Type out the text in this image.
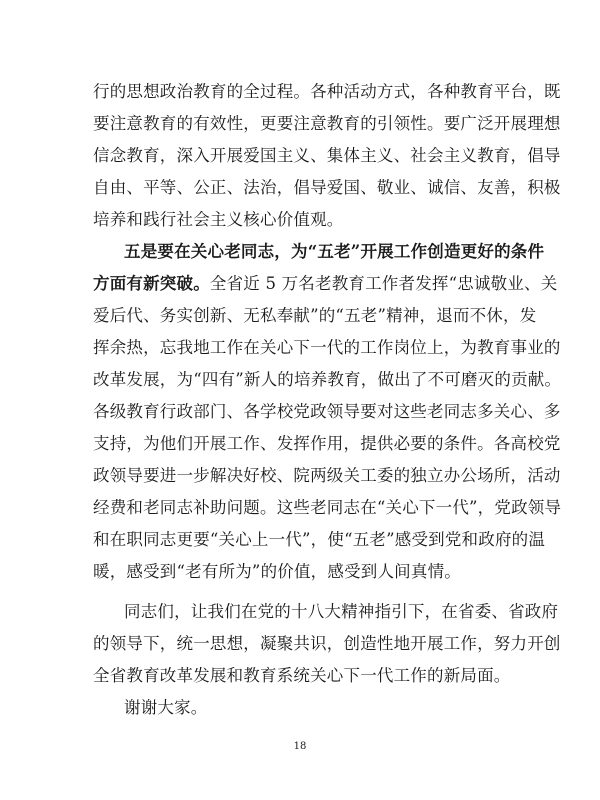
行的思想政治教育的全过程。各种活动方式，各种教育平台，既
要注意教育的有效性，更要注意教育的引领性。要广泛开展理想
信念教育，深入开展爱国主义、集体主义、社会主义教育，倡导
自由、平等、公正、法治，倡导爱国、敬业、诚信、友善，积极
培养和践行社会主义核心价值观。
五是要在关心老同志，为“五老”开展工作创造更好的条件
方面有新突破。全省近 5 万名老教育工作者发挥“忠诚敬业、关
爱后代、务实创新、无私奉献”的“五老”精神，退而不休，发
挥余热，忘我地工作在关心下一代的工作岗位上，为教育事业的
改革发展，为“四有”新人的培养教育，做出了不可磨灭的贡献。
各级教育行政部门、各学校党政领导要对这些老同志多关心、多
支持，为他们开展工作、发挥作用，提供必要的条件。各高校党
政领导要进一步解决好校、院两级关工委的独立办公场所，活动
经费和老同志补助问题。这些老同志在“关心下一代”，党政领导
和在职同志更要“关心上一代”，使“五老”感受到党和政府的温
暖，感受到“老有所为”的价值，感受到人间真情。
同志们，让我们在党的十八大精神指引下，在省委、省政府
的领导下，统一思想，凝聚共识，创造性地开展工作，努力开创
全省教育改革发展和教育系统关心下一代工作的新局面。
谢谢大家。
18
